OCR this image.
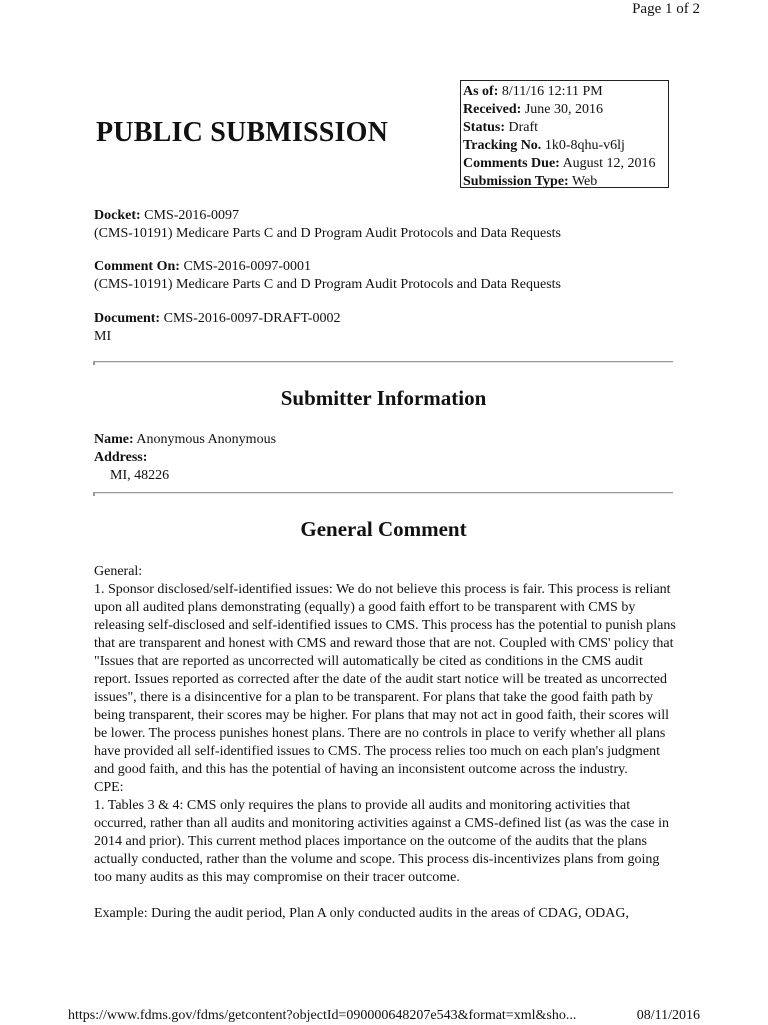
Page 1 of 2
PUBLIC SUBMISSION
As of: 8/11/16 12:11 PM
Received: June 30, 2016
Status: Draft
Tracking No. 1k0-8qhu-v6lj
Comments Due: August 12, 2016
Submission Type: Web
Docket: CMS-2016-0097
(CMS-10191) Medicare Parts C and D Program Audit Protocols and Data Requests
Comment On: CMS-2016-0097-0001
(CMS-10191) Medicare Parts C and D Program Audit Protocols and Data Requests
Document: CMS-2016-0097-DRAFT-0002
MI
Submitter Information
Name: Anonymous Anonymous
Address:
MI, 48226
General Comment

General:

1. Sponsor disclosed/self-identified issues: We do not believe this process is fair. This process is reliant upon all audited plans demonstrating (equally) a good faith effort to be transparent with CMS by releasing self-disclosed and self-identified issues to CMS. This process has the potential to punish plans that are transparent and honest with CMS and reward those that are not. Coupled with CMS' policy that "Issues that are reported as uncorrected will automatically be cited as conditions in the CMS audit report. Issues reported as corrected after the date of the audit start notice will be treated as uncorrected issues", there is a disincentive for a plan to be transparent. For plans that take the good faith path by being transparent, their scores may be higher. For plans that may not act in good faith, their scores will be lower. The process punishes honest plans. There are no controls in place to verify whether all plans have provided all self-identified issues to CMS. The process relies too much on each plan's judgment and good faith, and this has the potential of having an inconsistent outcome across the industry.

CPE:

1. Tables 3 & 4: CMS only requires the plans to provide all audits and monitoring activities that occurred, rather than all audits and monitoring activities against a CMS-defined list (as was the case in 2014 and prior). This current method places importance on the outcome of the audits that the plans actually conducted, rather than the volume and scope. This process dis-incentivizes plans from going too many audits as this may compromise on their tracer outcome.

Example: During the audit period, Plan A only conducted audits in the areas of CDAG, ODAG,

https://www.fdms.gov/fdms/getcontent?objectId=090000648207e543&format=xml&sho...	08/11/2016
